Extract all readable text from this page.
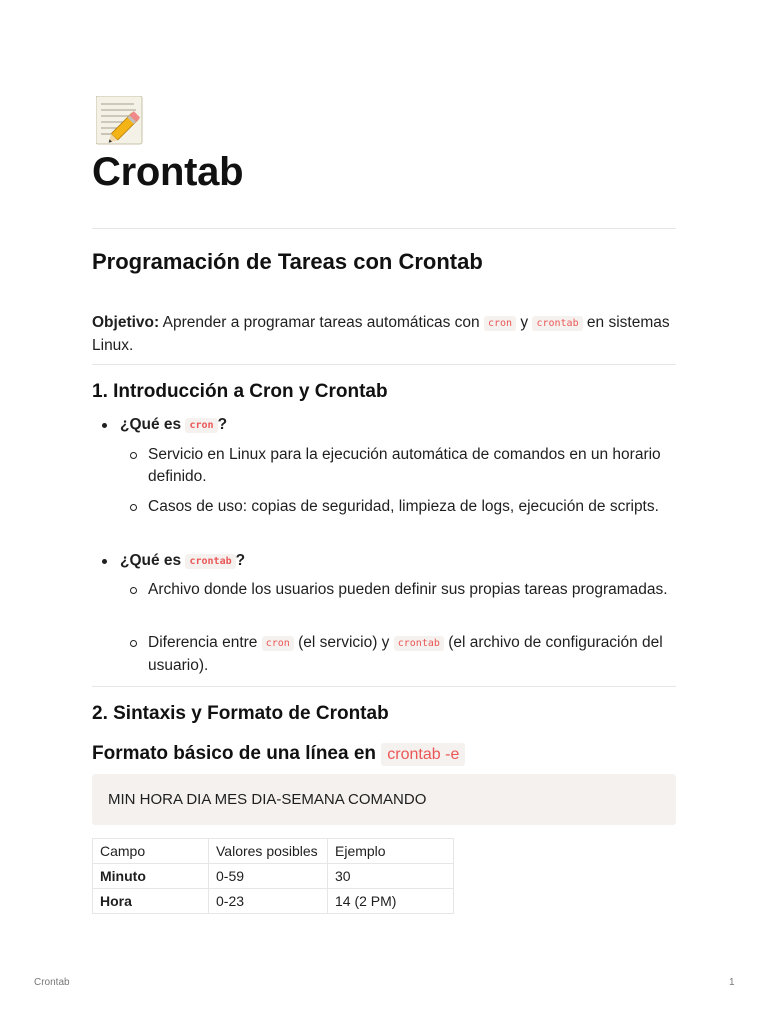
Crontab
Programación de Tareas con Crontab

Objetivo: Aprender a programar tareas automáticas con cron y crontab en sistemas Linux.

1. Introducción a Cron y Crontab
¿Qué es cron ?
Servicio en Linux para la ejecución automática de comandos en un horario definido.
Casos de uso: copias de seguridad, limpieza de logs, ejecución de scripts.
¿Qué es crontab ?
Archivo donde los usuarios pueden definir sus propias tareas programadas.
Diferencia entre cron (el servicio) y crontab (el archivo de configuración del usuario).
2. Sintaxis y Formato de Crontab
Formato básico de una línea en crontab -e
MIN HORA DIA MES DIA-SEMANA COMANDO
Campo	Valores posibles	Ejemplo
Minuto	0-59	30
Hora	0-23	14 (2 PM)
Crontab	1
